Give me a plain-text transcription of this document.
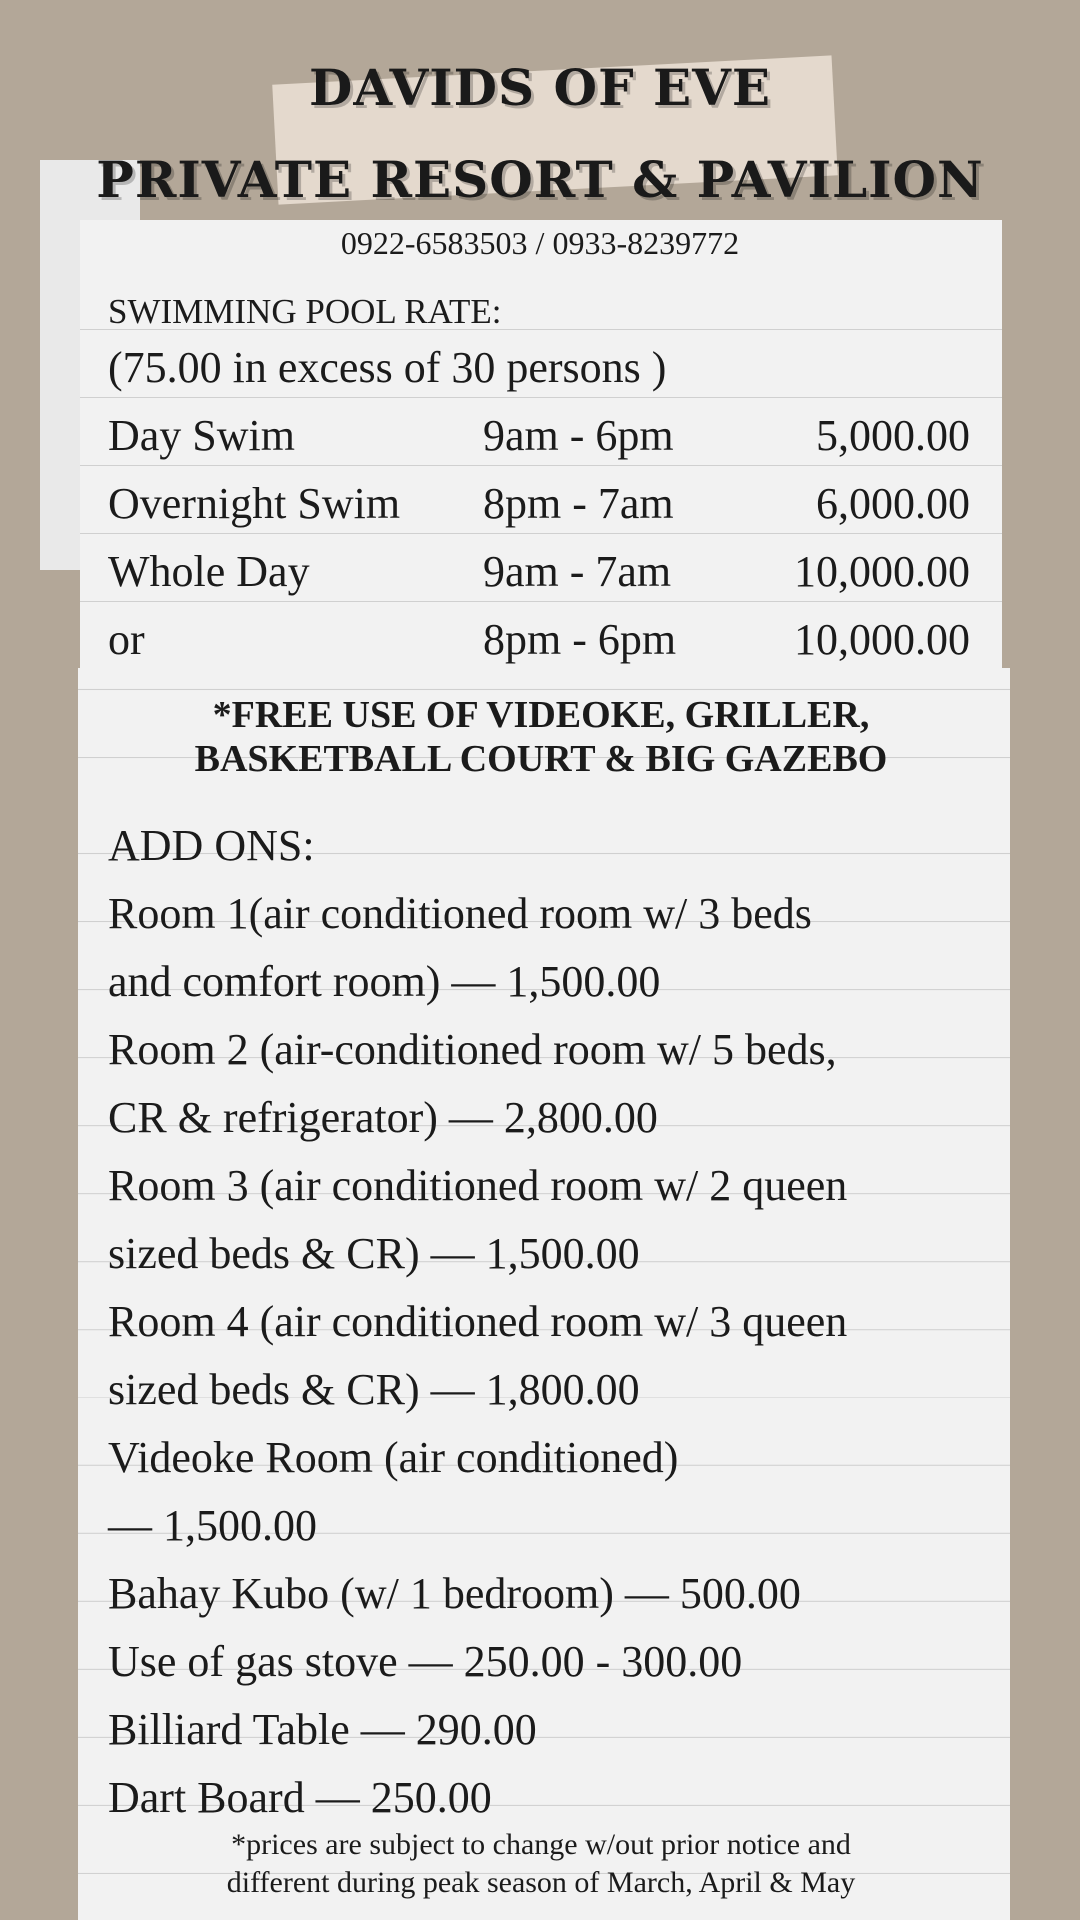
DAVIDS OF EVE
PRIVATE RESORT & PAVILION

0922-6583503 / 0933-8239772

SWIMMING POOL RATE:

(75.00 in excess of 30 persons )

Day Swim	9am - 6pm	5,000.00
Overnight Swim 8pm - 7am	6,000.00
Whole Day	9am - 7am	10,000.00
or	8pm - 6pm	10,000.00

*FREE USE OF VIDEOKE, GRILLER,
BASKETBALL COURT & BIG GAZEBO

ADD ONS:

Room 1(air conditioned room w/ 3 beds

and comfort room) — 1,500.00

Room 2 (air-conditioned room w/ 5 beds,

CR & refrigerator) — 2,800.00

Room 3 (air conditioned room w/ 2 queen

sized beds & CR) — 1,500.00

Room 4 (air conditioned room w/ 3 queen

sized beds & CR) — 1,800.00

Videoke Room (air conditioned)

— 1,500.00

Bahay Kubo (w/ 1 bedroom) — 500.00

Use of gas stove — 250.00 - 300.00

Billiard Table — 290.00

Dart Board — 250.00

*prices are subject to change w/out prior notice and
different during peak season of March, April & May
